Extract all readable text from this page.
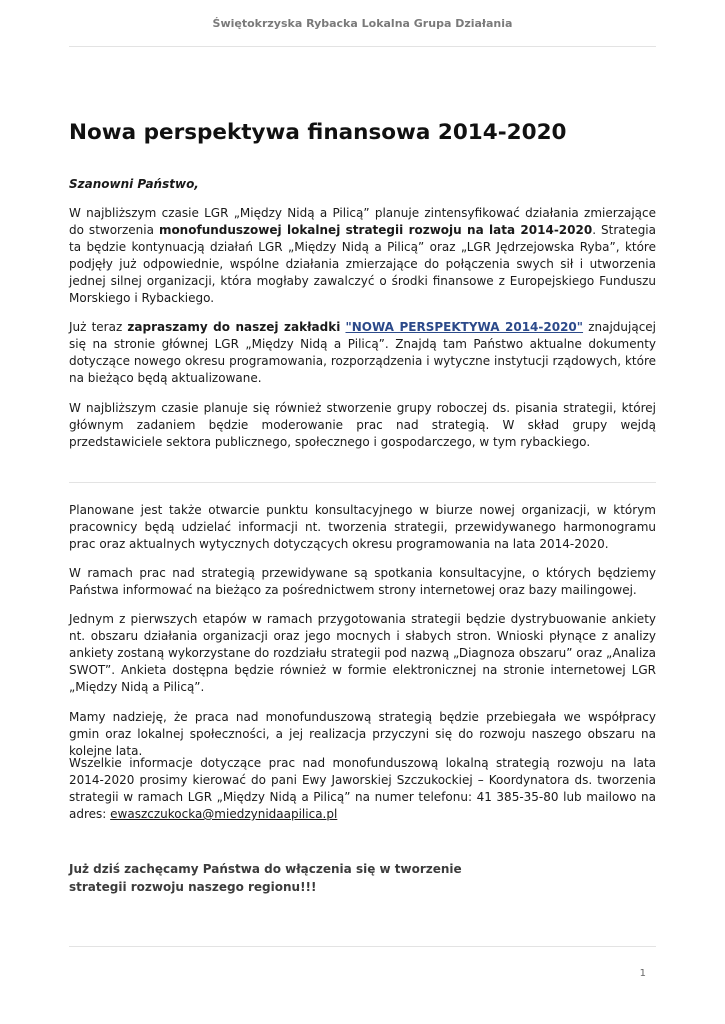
Świętokrzyska Rybacka Lokalna Grupa Działania
Nowa perspektywa finansowa 2014-2020

Szanowni Państwo,

W najbliższym czasie LGR „Między Nidą a Pilicą” planuje zintensyfikować działania zmierzające do stworzenia monofunduszowej lokalnej strategii rozwoju na lata 2014-2020. Strategia ta będzie kontynuacją działań LGR „Między Nidą a Pilicą” oraz „LGR Jędrzejowska Ryba”, które podjęły już odpowiednie, wspólne działania zmierzające do połączenia swych sił i utworzenia jednej silnej organizacji, która mogłaby zawalczyć o środki finansowe z Europejskiego Funduszu Morskiego i Rybackiego.

Już teraz zapraszamy do naszej zakładki "NOWA PERSPEKTYWA 2014-2020" znajdującej się na stronie głównej LGR „Między Nidą a Pilicą”. Znajdą tam Państwo aktualne dokumenty dotyczące nowego okresu programowania, rozporządzenia i wytyczne instytucji rządowych, które na bieżąco będą aktualizowane.

W najbliższym czasie planuje się również stworzenie grupy roboczej ds. pisania strategii, której głównym zadaniem będzie moderowanie prac nad strategią. W skład grupy wejdą przedstawiciele sektora publicznego, społecznego i gospodarczego, w tym rybackiego.

Planowane jest także otwarcie punktu konsultacyjnego w biurze nowej organizacji, w którym pracownicy będą udzielać informacji nt. tworzenia strategii, przewidywanego harmonogramu prac oraz aktualnych wytycznych dotyczących okresu programowania na lata 2014-2020.

W ramach prac nad strategią przewidywane są spotkania konsultacyjne, o których będziemy Państwa informować na bieżąco za pośrednictwem strony internetowej oraz bazy mailingowej.

Jednym z pierwszych etapów w ramach przygotowania strategii będzie dystrybuowanie ankiety nt. obszaru działania organizacji oraz jego mocnych i słabych stron. Wnioski płynące z analizy ankiety zostaną wykorzystane do rozdziału strategii pod nazwą „Diagnoza obszaru” oraz „Analiza SWOT”. Ankieta dostępna będzie również w formie elektronicznej na stronie internetowej LGR „Między Nidą a Pilicą”.

Mamy nadzieję, że praca nad monofunduszową strategią będzie przebiegała we współpracy gmin oraz lokalnej społeczności, a jej realizacja przyczyni się do rozwoju naszego obszaru na kolejne lata.

Wszelkie informacje dotyczące prac nad monofunduszową lokalną strategią rozwoju na lata 2014-2020 prosimy kierować do pani Ewy Jaworskiej Szczukockiej – Koordynatora ds. tworzenia strategii w ramach LGR „Między Nidą a Pilicą” na numer telefonu: 41 385-35-80 lub mailowo na adres: ewaszczukocka@miedzynidaapilica.pl

Już dziś zachęcamy Państwa do włączenia się w tworzenie
strategii rozwoju naszego regionu!!!

1
